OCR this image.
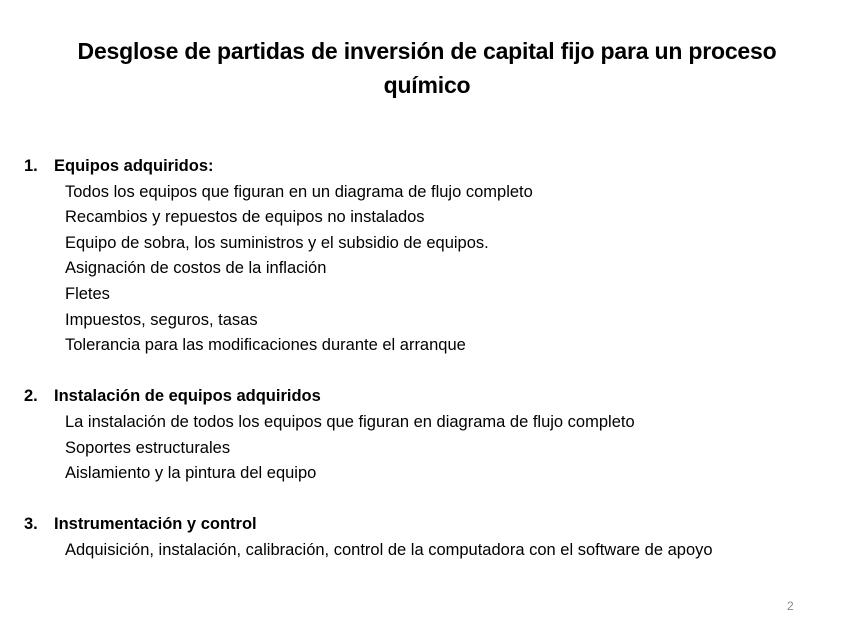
Desglose de partidas de inversión de capital fijo para un proceso químico
1. Equipos adquiridos:
Todos los equipos que figuran en un diagrama de flujo completo
Recambios y repuestos de equipos no instalados
Equipo de sobra, los suministros y el subsidio de equipos.
Asignación de costos de la inflación
Fletes
Impuestos, seguros, tasas
Tolerancia para las modificaciones durante el arranque
2. Instalación de equipos adquiridos
La instalación de todos los equipos que figuran en diagrama de flujo completo
Soportes estructurales
Aislamiento y la pintura del equipo
3. Instrumentación y control
Adquisición, instalación, calibración, control de la computadora con el software de apoyo
2
